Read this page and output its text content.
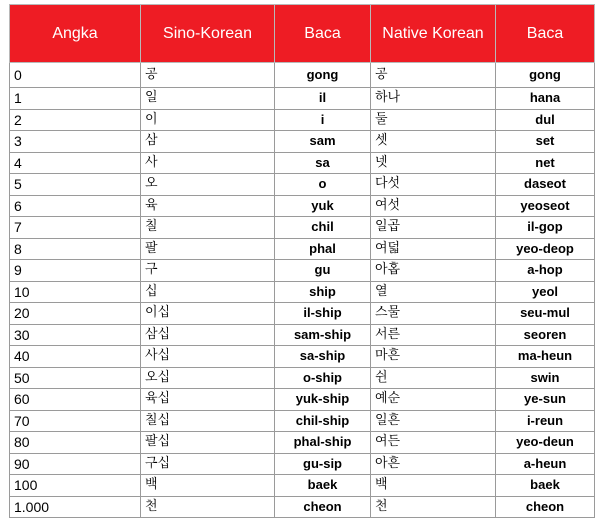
Angka	Sino-Korean	Baca	Native Korean	Baca
0	공	gong	공	gong
1	일	il	하나	hana
2	이	i	둘	dul
3	삼	sam	셋	set
4	사	sa	넷	net
5	오	o	다섯	daseot
6	육	yuk	여섯	yeoseot
7	칠	chil	일곱	il-gop
8	팔	phal	여덟	yeo-deop
9	구	gu	아홉	a-hop
10	십	ship	열	yeol
20	이십	il-ship	스물	seu-mul
30	삼십	sam-ship	서른	seoren
40	사십	sa-ship	마흔	ma-heun
50	오십	o-ship	쉰	swin
60	육십	yuk-ship	예순	ye-sun
70	칠십	chil-ship	일흔	i-reun
80	팔십	phal-ship	여든	yeo-deun
90	구십	gu-sip	아흔	a-heun
100	백	baek	백	baek
1.000	천	cheon	천	cheon
